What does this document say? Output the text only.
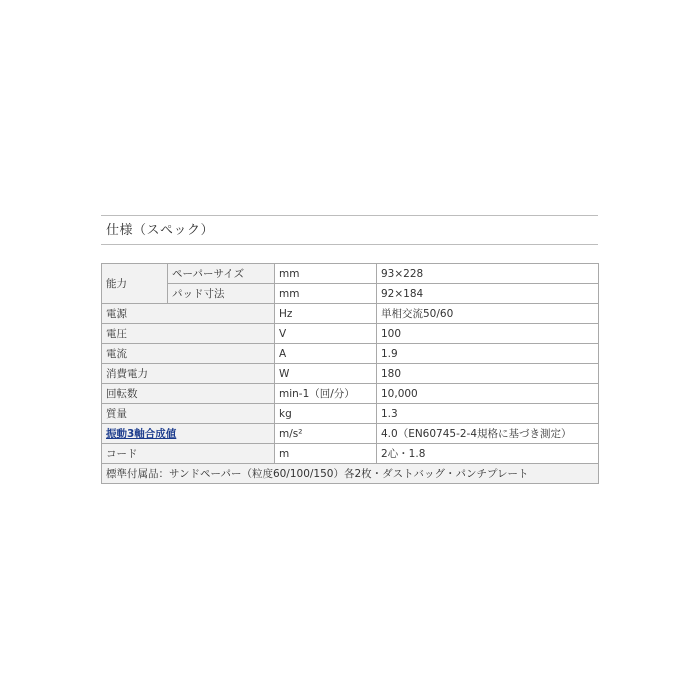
仕様（スペック）
能力	ペーパーサイズ	mm	93×228
	パッド寸法	mm	92×184
電源		Hz	単相交流50/60
電圧		V	100
電流		A	1.9
消費電力		W	180
回転数		min-1（回/分）	10,000
質量		kg	1.3
振動3軸合成値		m/s²	4.0（EN60745-2-4規格に基づき測定）
コード		m	2心・1.8
標準付属品：サンドペーパー（粒度60/100/150）各2枚・ダストバッグ・パンチプレート			
